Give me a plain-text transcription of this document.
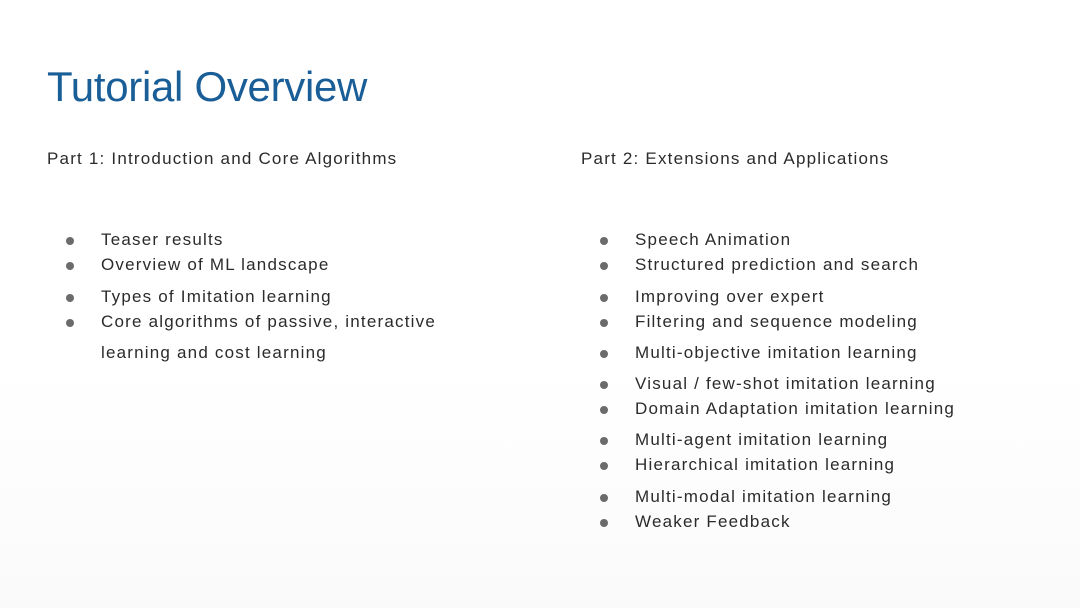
Tutorial Overview
Part 1: Introduction and Core Algorithms
Teaser results
Overview of ML landscape
Types of Imitation learning
Core algorithms of passive, interactive
learning and cost learning
Part 2: Extensions and Applications
Speech Animation
Structured prediction and search
Improving over expert
Filtering and sequence modeling
Multi-objective imitation learning
Visual / few-shot imitation learning
Domain Adaptation imitation learning
Multi-agent imitation learning
Hierarchical imitation learning
Multi-modal imitation learning
Weaker Feedback
